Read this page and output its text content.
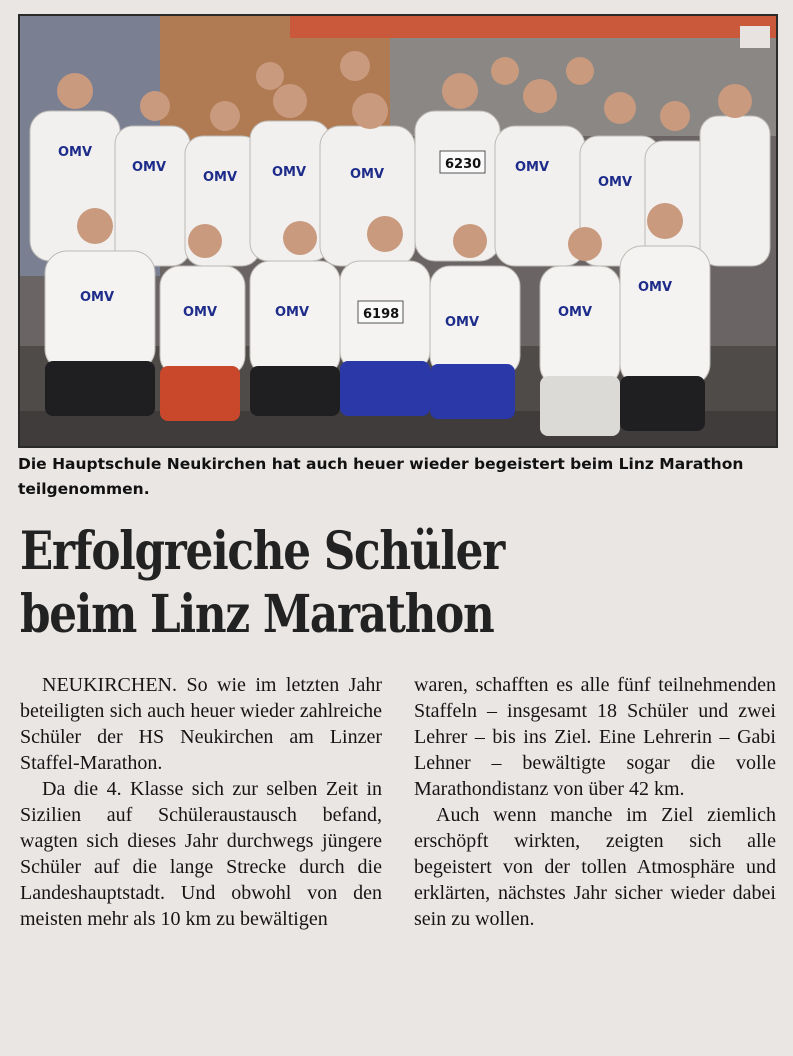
OMV
OMV
OMV	OMV	OMV	OMV
OMV
OMV
OMV	OMV
OMV
OMV
OMV
6230
6198
Die Hauptschule Neukirchen hat auch heuer wieder begeistert beim Linz Marathon teilgenommen.
Erfolgreiche Schüler
beim Linz Marathon

NEUKIRCHEN. So wie im letzten Jahr beteiligten sich auch heuer wieder zahlreiche Schüler der HS Neukirchen am Linzer Staffel-Marathon.

Da die 4. Klasse sich zur selben Zeit in Sizilien auf Schüleraustausch befand, wagten sich dieses Jahr durchwegs jüngere Schüler auf die lange Strecke durch die Landeshauptstadt. Und obwohl von den meisten mehr als 10 km zu bewältigen

waren, schafften es alle fünf teilnehmenden Staffeln – insgesamt 18 Schüler und zwei Lehrer – bis ins Ziel. Eine Lehrerin – Gabi Lehner – bewältigte sogar die volle Marathondistanz von über 42 km.

Auch wenn manche im Ziel ziemlich erschöpft wirkten, zeigten sich alle begeistert von der tollen Atmosphäre und erklärten, nächstes Jahr sicher wieder dabei sein zu wollen.
